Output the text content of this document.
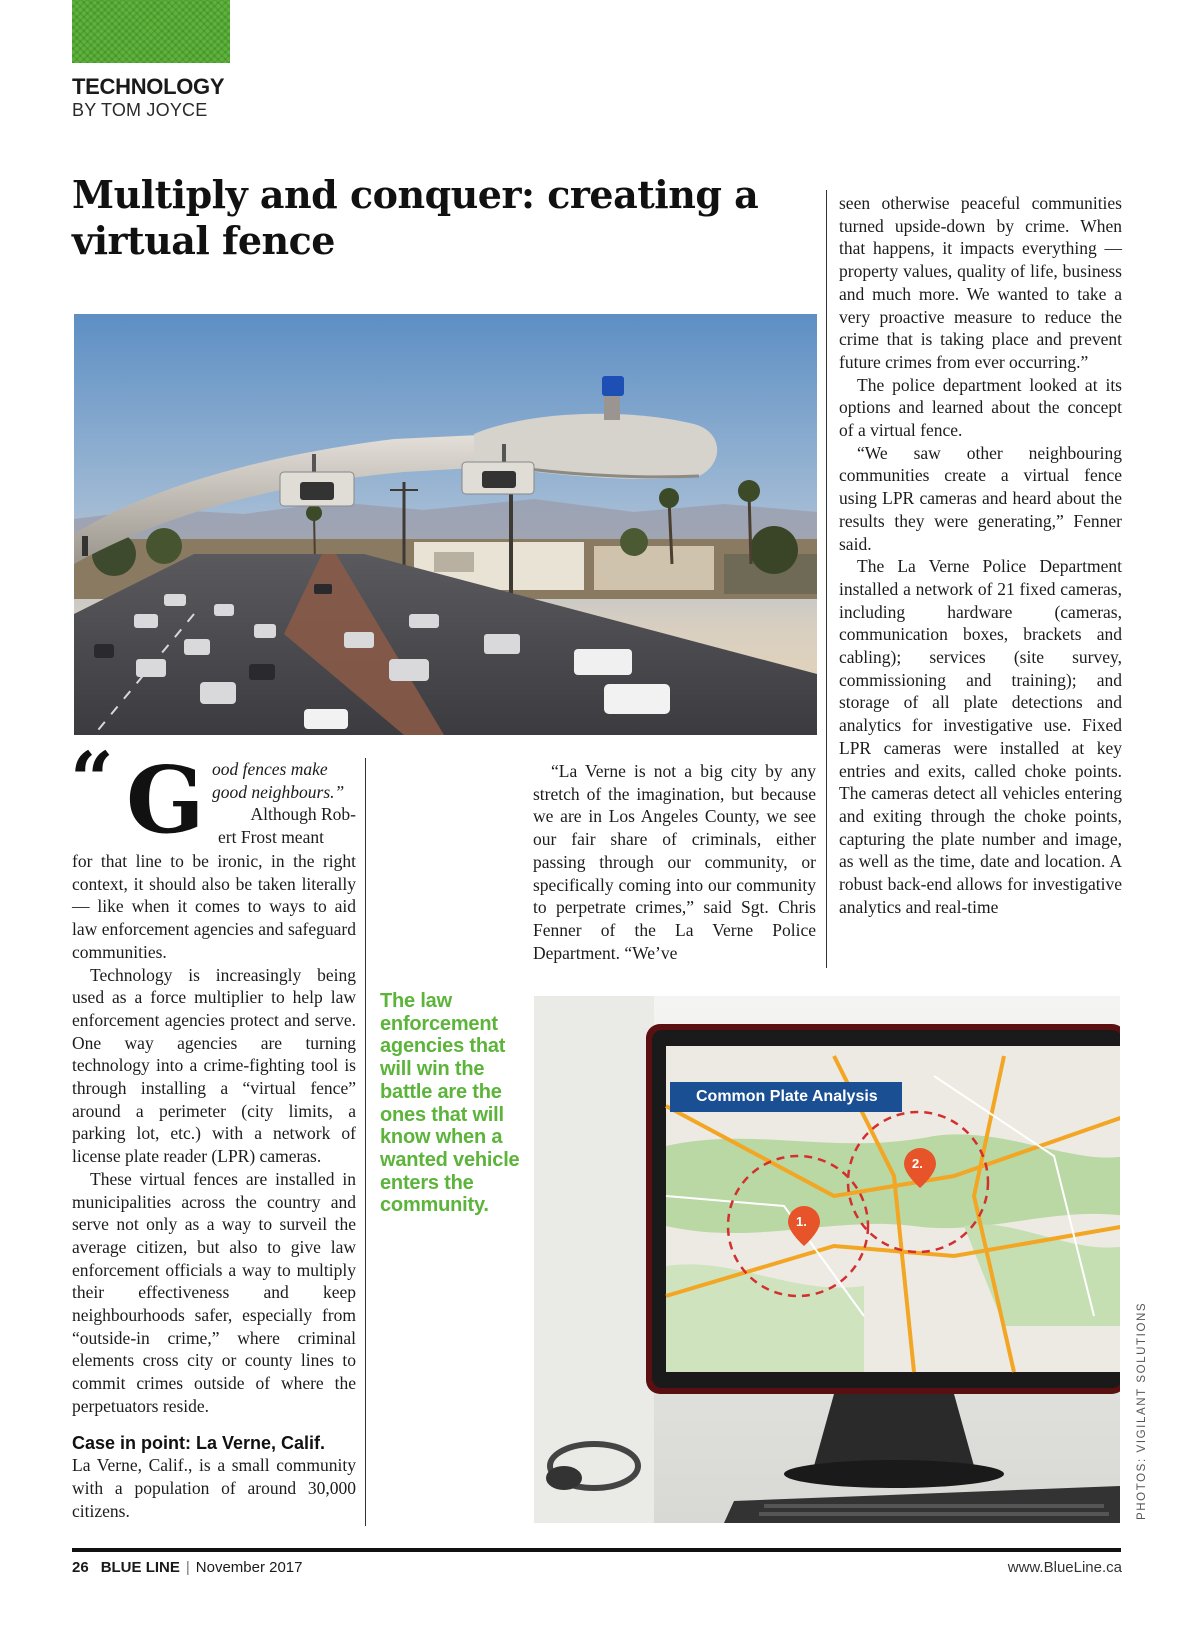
TECHNOLOGY
BY TOM JOYCE
Multiply and conquer: creating a virtual fence
“ G ood fences make
good neighbours.”
Although Rob-
ert Frost meant

for that line to be ironic, in the right context, it should also be taken literally — like when it comes to ways to aid law enforcement agencies and safeguard communities.

Technology is increasingly being used as a force multiplier to help law enforcement agencies protect and serve. One way agencies are turning technology into a crime-fighting tool is through installing a “virtual fence” around a perimeter (city limits, a parking lot, etc.) with a network of license plate reader (LPR) cameras.

These virtual fences are installed in municipalities across the country and serve not only as a way to surveil the average citizen, but also to give law enforcement officials a way to multiply their effectiveness and keep neighbourhoods safer, especially from “outside-in crime,” where criminal elements cross city or county lines to commit crimes outside of where the perpetuators reside.

Case in point: La Verne, Calif.

La Verne, Calif., is a small community with a population of around 30,000 citizens.

The law enforcement agencies that will win the battle are the ones that will know when a wanted vehicle enters the community.

“La Verne is not a big city by any stretch of the imagination, but because we are in Los Angeles County, we see our fair share of criminals, either passing through our community, or specifically coming into our community to perpetrate crimes,” said Sgt. Chris Fenner of the La Verne Police Department. “We’ve

seen otherwise peaceful communities turned upside-down by crime. When that happens, it impacts everything — property values, quality of life, business and much more. We wanted to take a very proactive measure to reduce the crime that is taking place and prevent future crimes from ever occurring.”

The police department looked at its options and learned about the concept of a virtual fence.

“We saw other neighbouring communities create a virtual fence using LPR cameras and heard about the results they were generating,” Fenner said.

The La Verne Police Department installed a network of 21 fixed cameras, including hardware (cameras, communication boxes, brackets and cabling); services (site survey, commissioning and training); and storage of all plate detections and analytics for investigative use. Fixed LPR cameras were installed at key entries and exits, called choke points. The cameras detect all vehicles entering and exiting through the choke points, capturing the plate number and image, as well as the time, date and location. A robust back-end allows for investigative analytics and real-time

Common Plate Analysis
1.
2.
PHOTOS: VIGILANT SOLUTIONS
26 BLUE LINE | November 2017	www.BlueLine.ca
